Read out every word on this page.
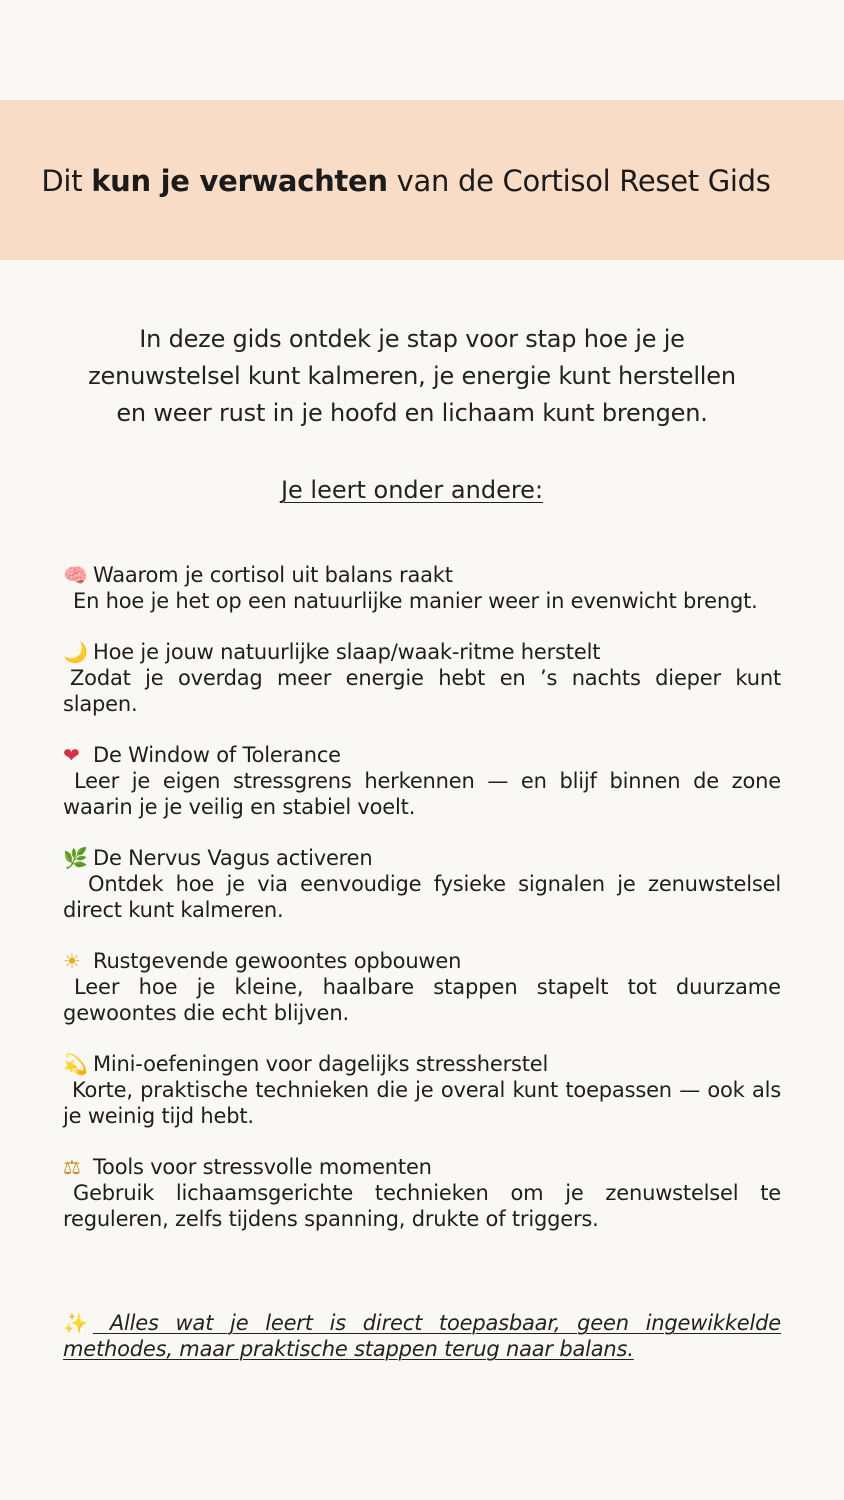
Dit kun je verwachten van de Cortisol Reset Gids
In deze gids ontdek je stap voor stap hoe je je
zenuwstelsel kunt kalmeren, je energie kunt herstellen
en weer rust in je hoofd en lichaam kunt brengen.
Je leert onder andere:
🧠 Waarom je cortisol uit balans raakt
En hoe je het op een natuurlijke manier weer in evenwicht brengt.
🌙 Hoe je jouw natuurlijke slaap/waak-ritme herstelt
Zodat je overdag meer energie hebt en ’s nachts dieper kunt slapen.
❤ De Window of Tolerance
Leer je eigen stressgrens herkennen — en blijf binnen de zone waarin je je veilig en stabiel voelt.
🌿 De Nervus Vagus activeren
Ontdek hoe je via eenvoudige fysieke signalen je zenuwstelsel direct kunt kalmeren.
☀ Rustgevende gewoontes opbouwen
Leer hoe je kleine, haalbare stappen stapelt tot duurzame gewoontes die echt blijven.
💫 Mini-oefeningen voor dagelijks stressherstel
Korte, praktische technieken die je overal kunt toepassen — ook als je weinig tijd hebt.
⚖ Tools voor stressvolle momenten
Gebruik lichaamsgerichte technieken om je zenuwstelsel te reguleren, zelfs tijdens spanning, drukte of triggers.
✨ Alles wat je leert is direct toepasbaar, geen ingewikkelde methodes, maar praktische stappen terug naar balans.
